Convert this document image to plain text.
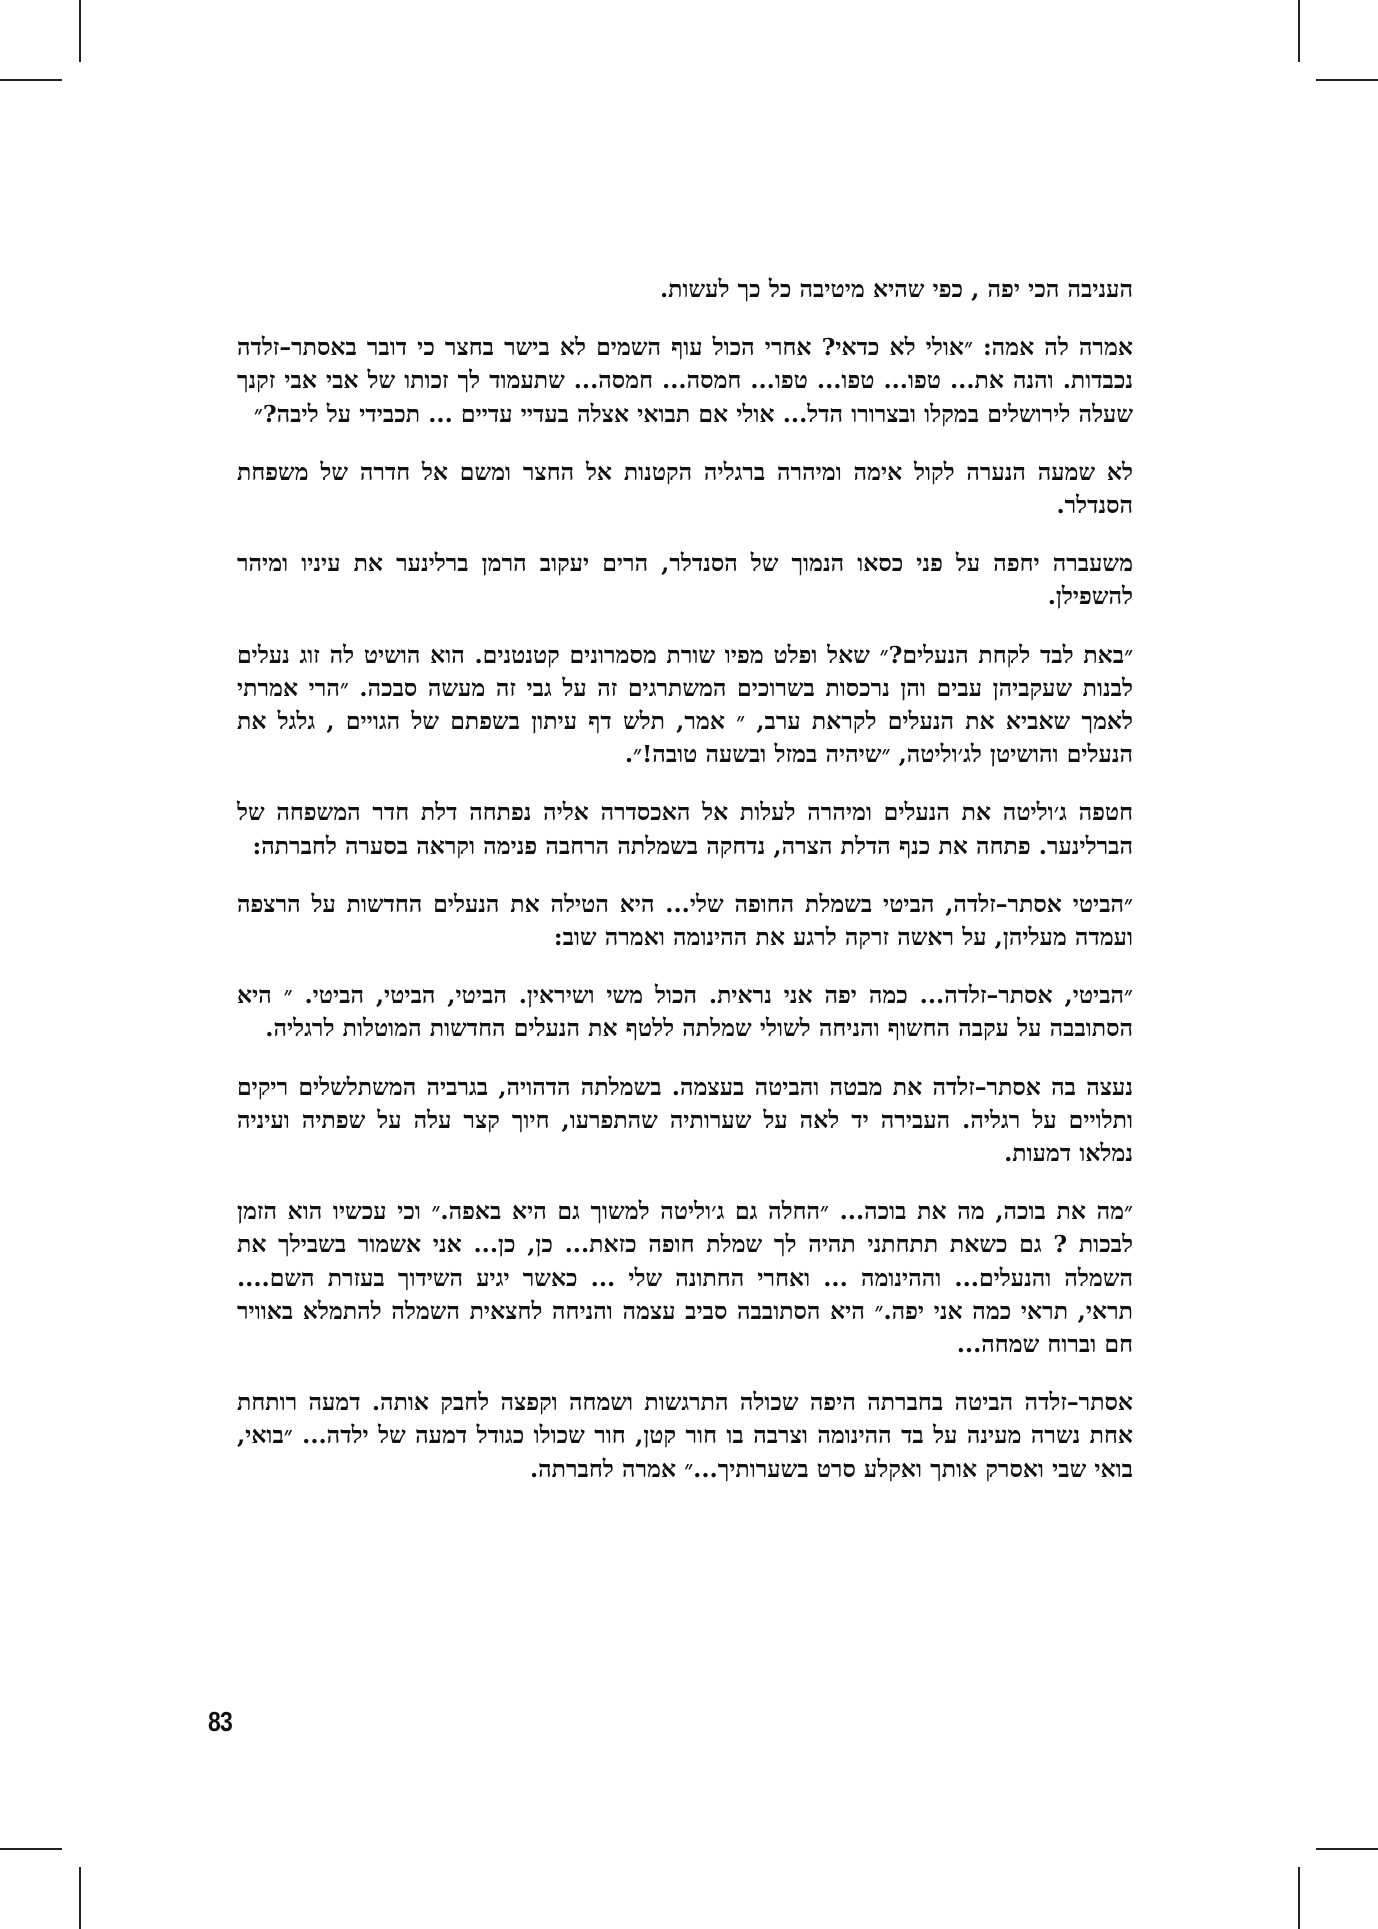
העניבה הכי יפה , כפי שהיא מיטיבה כל כך לעשות.

אמרה לה אמה: ״אולי לא כדאי? אחרי הכול עוף השמים לא בישר בחצר כי דובר באסתר–זלדה נכבדות. והנה את... טפו... טפו... טפו... חמסה... חמסה... שתעמוד לך זכותו של אבי אבי זקנך שעלה לירושלים במקלו ובצרורו הדל... אולי אם תבואי אצלה בעדיי עדיים ... תכבידי על ליבה?״

לא שמעה הנערה לקול אימה ומיהרה ברגליה הקטנות אל החצר ומשם אל חדרה של משפחת הסנדלר.

משעברה יחפה על פני כסאו הנמוך של הסנדלר, הרים יעקוב הרמן ברלינער את עיניו ומיהר להשפילן.

״באת לבד לקחת הנעלים?״ שאל ופלט מפיו שורת מסמרונים קטנטנים. הוא הושיט לה זוג נעלים לבנות שעקביהן עבים והן נרכסות בשרוכים המשתרגים זה על גבי זה מעשה סבכה. ״הרי אמרתי לאמך שאביא את הנעלים לקראת ערב, ״ אמר, תלש דף עיתון בשפתם של הגויים , גלגל את הנעלים והושיטן לג׳וליטה, ״שיהיה במזל ובשעה טובה!״.

חטפה ג׳וליטה את הנעלים ומיהרה לעלות אל האכסדרה אליה נפתחה דלת חדר המשפחה של הברלינער. פתחה את כנף הדלת הצרה, נדחקה בשמלתה הרחבה פנימה וקראה בסערה לחברתה:

״הביטי אסתר–זלדה, הביטי בשמלת החופה שלי... היא הטילה את הנעלים החדשות על הרצפה ועמדה מעליהן, על ראשה זרקה לרגע את ההינומה ואמרה שוב:

״הביטי, אסתר–זלדה... כמה יפה אני נראית. הכול משי ושיראין. הביטי, הביטי, הביטי. ״ היא הסתובבה על עקבה החשוף והניחה לשולי שמלתה ללטף את הנעלים החדשות המוטלות לרגליה.

נעצה בה אסתר–זלדה את מבטה והביטה בעצמה. בשמלתה הדהויה, בגרביה המשתלשלים ריקים ותלויים על רגליה. העבירה יד לאה על שערותיה שהתפרעו, חיוך קצר עלה על שפתיה ועיניה נמלאו דמעות.

״מה את בוכה, מה את בוכה... ״החלה גם ג׳וליטה למשוך גם היא באפה.״ וכי עכשיו הוא הזמן לבכות ? גם כשאת תתחתני תהיה לך שמלת חופה כזאת... כן, כן... אני אשמור בשבילך את השמלה והנעלים... וההינומה ... ואחרי החתונה שלי ... כאשר יגיע השידוך בעזרת השם.... תראי, תראי כמה אני יפה.״ היא הסתובבה סביב עצמה והניחה לחצאית השמלה להתמלא באוויר חם וברוח שמחה...

אסתר–זלדה הביטה בחברתה היפה שכולה התרגשות ושמחה וקפצה לחבק אותה. דמעה רותחת אחת נשרה מעינה על בד ההינומה וצרבה בו חור קטן, חור שכולו כגודל דמעה של ילדה... ״בואי, בואי שבי ואסרק אותך ואקלע סרט בשערותיך...״ אמרה לחברתה.

83
